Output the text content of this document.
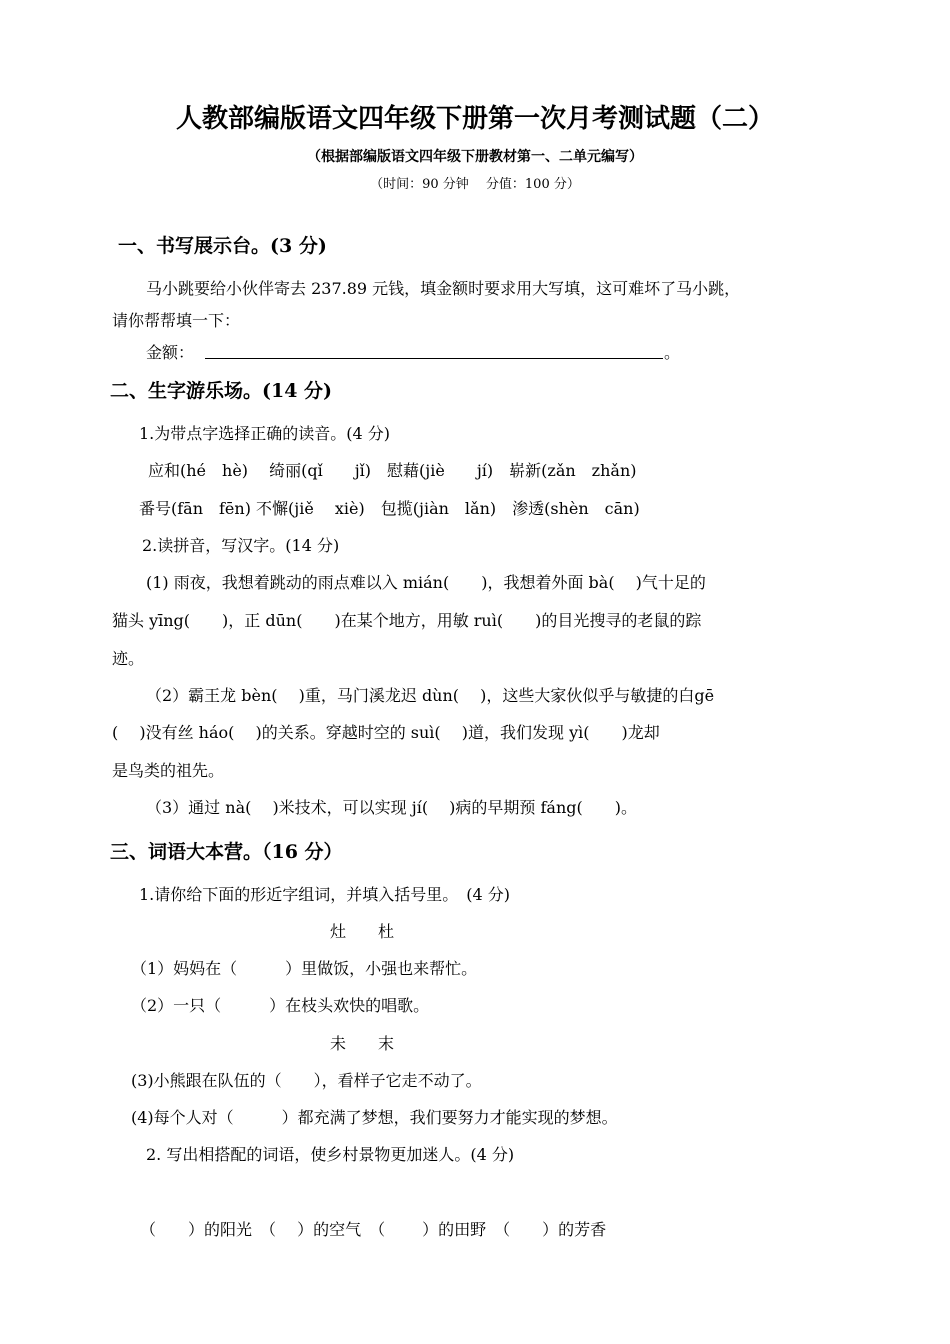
人教部编版语文四年级下册第一次月考测试题（二）
（根据部编版语文四年级下册教材第一、二单元编写）
（时间：90 分钟　 分值：100 分）
一、书写展示台。(3 分)
马小跳要给小伙伴寄去 237.89 元钱，填金额时要求用大写填，这可难坏了马小跳，
请你帮帮填一下：
金额：	。
二、生字游乐场。(14 分)
1.为带点字选择正确的读音。(4 分)
应和(hé　hè)　 绮丽(qǐ　　jǐ)　慰藉(jiè　　jí)　崭新(zǎn　zhǎn)
番号(fān　fēn) 不懈(jiě　 xiè)　包揽(jiàn　lǎn)　渗透(shèn　cān)
2.读拼音，写汉字。(14 分)
(1) 雨夜，我想着跳动的雨点难以入 mián(　　)，我想着外面 bà(　 )气十足的
猫头 yīng(　　)，正 dūn(　　)在某个地方，用敏 ruì(　　)的目光搜寻的老鼠的踪
迹。
（2）霸王龙 bèn(　 )重，马门溪龙迟 dùn(　 )，这些大家伙似乎与敏捷的白gē
(　 )没有丝 háo(　 )的关系。穿越时空的 suì(　 )道，我们发现 yì(　　)龙却
是鸟类的祖先。
（3）通过 nà(　 )米技术，可以实现 jí(　 )病的早期预 fáng(　　)。
三、词语大本营。（16 分）
1.请你给下面的形近字组词，并填入括号里。　(4 分)
灶　　杜
（1）妈妈在（　　　）里做饭，小强也来帮忙。
（2）一只（　　　）在枝头欢快的唱歌。
未　　末
(3)小熊跟在队伍的（　　），看样子它走不动了。
(4)每个人对（　　　）都充满了梦想，我们要努力才能实现的梦想。
2. 写出相搭配的词语，使乡村景物更加迷人。(4 分)
（　　）的阳光　（　 ）的空气　（　　 ）的田野　（　　）的芳香
